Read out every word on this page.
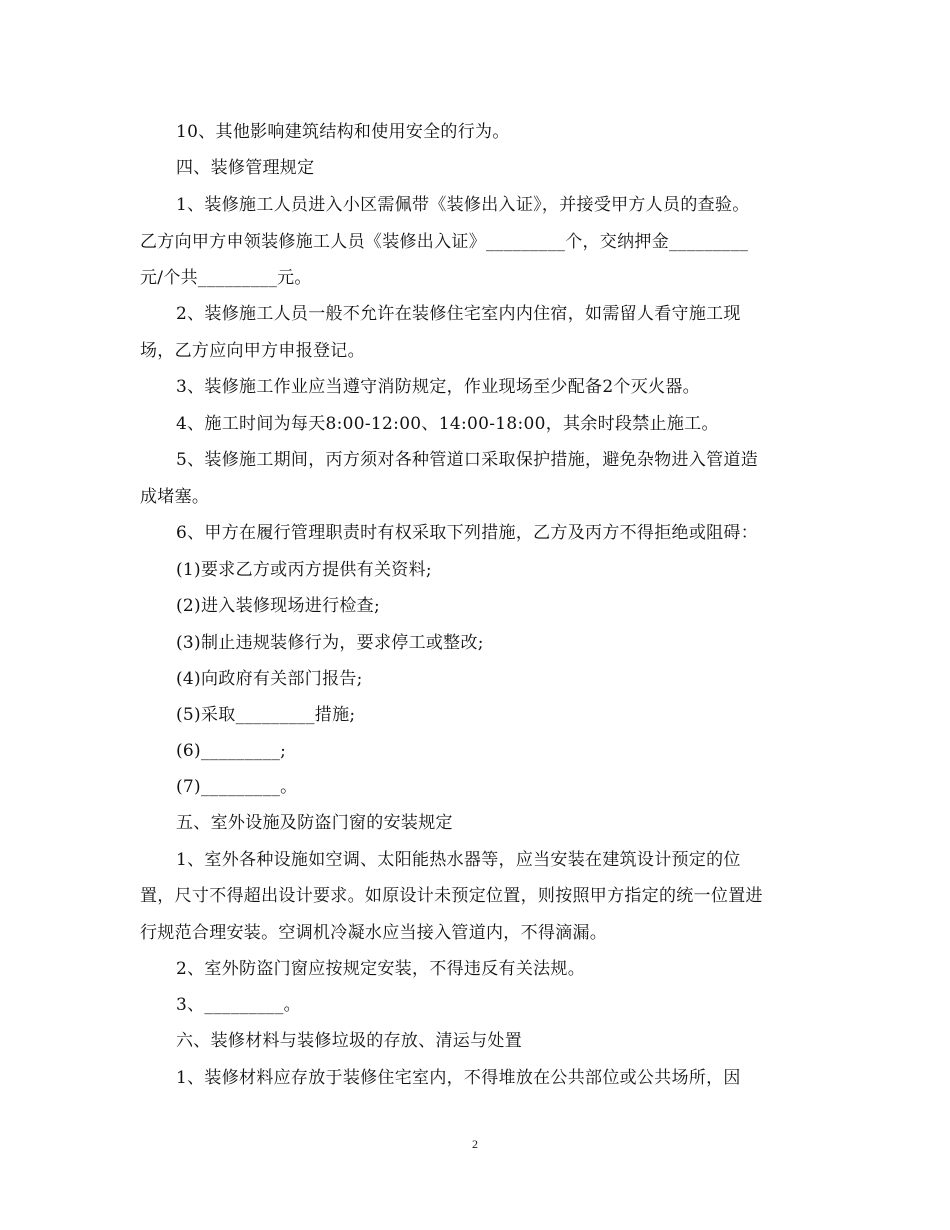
10、其他影响建筑结构和使用安全的行为。
四、装修管理规定
1、装修施工人员进入小区需佩带《装修出入证》，并接受甲方人员的查验。
乙方向甲方申领装修施工人员《装修出入证》_________个，交纳押金_________
元/个共_________元。
2、装修施工人员一般不允许在装修住宅室内内住宿，如需留人看守施工现
场，乙方应向甲方申报登记。
3、装修施工作业应当遵守消防规定，作业现场至少配备2个灭火器。
4、施工时间为每天8:00-12:00、14:00-18:00，其余时段禁止施工。
5、装修施工期间，丙方须对各种管道口采取保护措施，避免杂物进入管道造
成堵塞。
6、甲方在履行管理职责时有权采取下列措施，乙方及丙方不得拒绝或阻碍：
(1)要求乙方或丙方提供有关资料;
(2)进入装修现场进行检查;
(3)制止违规装修行为，要求停工或整改;
(4)向政府有关部门报告;
(5)采取_________措施;
(6)_________;
(7)_________。
五、室外设施及防盗门窗的安装规定
1、室外各种设施如空调、太阳能热水器等，应当安装在建筑设计预定的位
置，尺寸不得超出设计要求。如原设计未预定位置，则按照甲方指定的统一位置进
行规范合理安装。空调机冷凝水应当接入管道内，不得滴漏。
2、室外防盗门窗应按规定安装，不得违反有关法规。
3、_________。
六、装修材料与装修垃圾的存放、清运与处置
1、装修材料应存放于装修住宅室内，不得堆放在公共部位或公共场所，因
2
